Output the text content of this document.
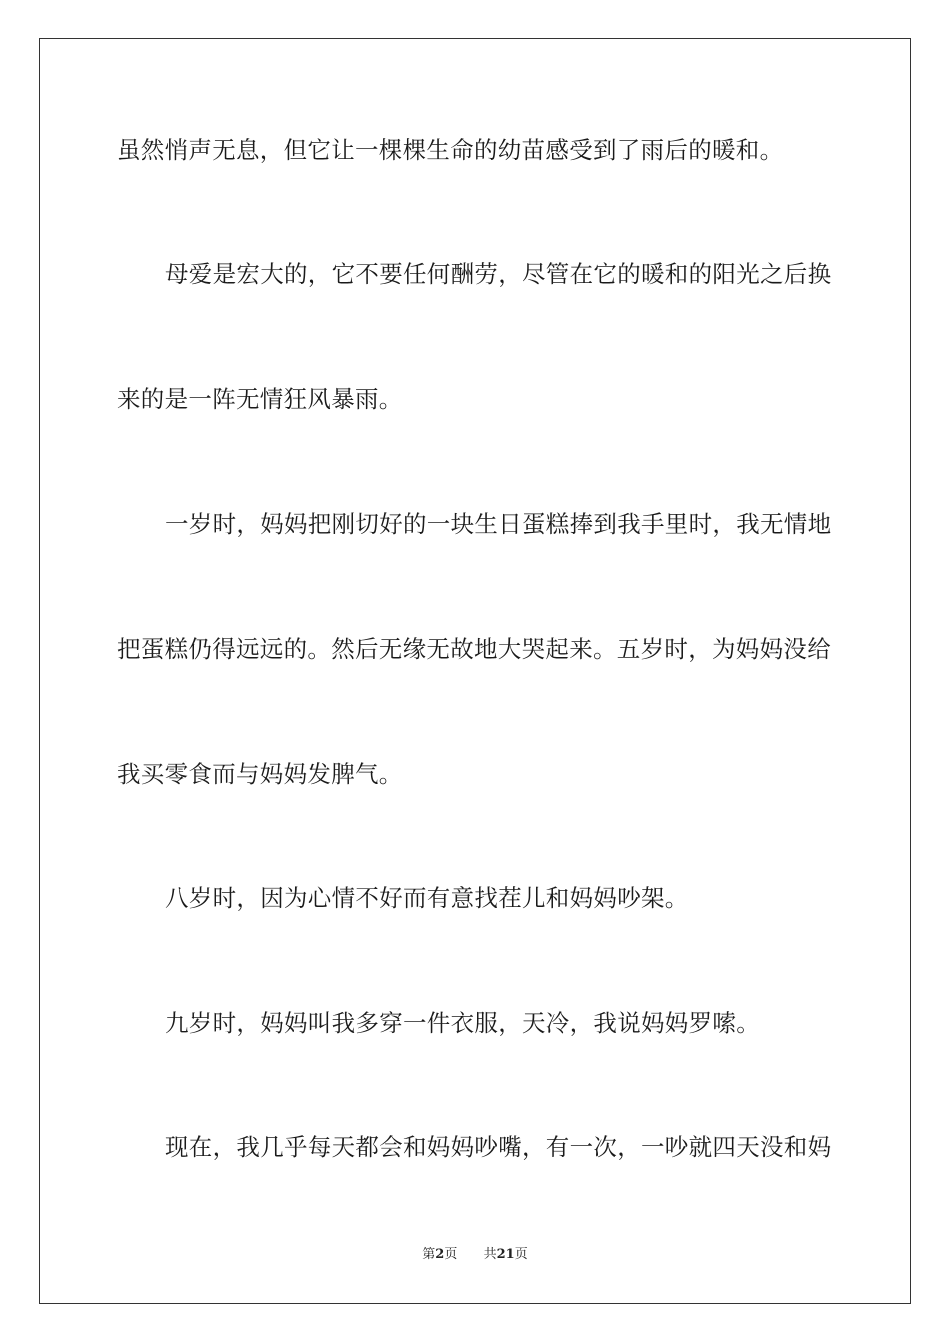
虽然悄声无息，但它让一棵棵生命的幼苗感受到了雨后的暖和。
母爱是宏大的，它不要任何酬劳，尽管在它的暖和的阳光之后换
来的是一阵无情狂风暴雨。
一岁时，妈妈把刚切好的一块生日蛋糕捧到我手里时，我无情地
把蛋糕仍得远远的。然后无缘无故地大哭起来。五岁时，为妈妈没给
我买零食而与妈妈发脾气。
八岁时，因为心情不好而有意找茬儿和妈妈吵架。
九岁时，妈妈叫我多穿一件衣服，天冷，我说妈妈罗嗦。
现在，我几乎每天都会和妈妈吵嘴，有一次，一吵就四天没和妈
第2页 共21页
